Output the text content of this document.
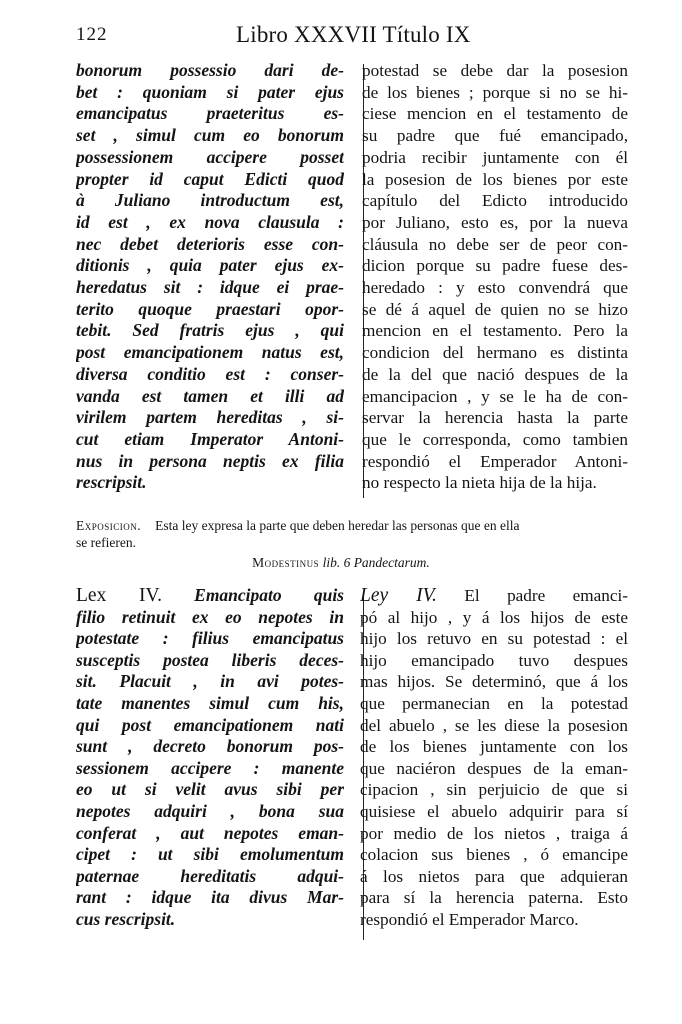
122	Libro XXXVII Título IX
bonorum possessio dari de-
bet : quoniam si pater ejus
emancipatus praeteritus es-
set , simul cum eo bonorum
possessionem accipere posset
propter id caput Edicti quod
à Juliano introductum est,
id est , ex nova clausula :
nec debet deterioris esse con-
ditionis , quia pater ejus ex-
heredatus sit : idque ei prae-
terito quoque praestari opor-
tebit. Sed fratris ejus , qui
post emancipationem natus est,
diversa conditio est : conser-
vanda est tamen et illi ad
virilem partem hereditas , si-
cut etiam Imperator Antoni-
nus in persona neptis ex filia
rescripsit.
potestad se debe dar la posesion
de los bienes ; porque si no se hi-
ciese mencion en el testamento de
su padre que fué emancipado,
podria recibir juntamente con él
la posesion de los bienes por este
capítulo del Edicto introducido
por Juliano, esto es, por la nueva
cláusula no debe ser de peor con-
dicion porque su padre fuese des-
heredado : y esto convendrá que
se dé á aquel de quien no se hizo
mencion en el testamento. Pero la
condicion del hermano es distinta
de la del que nació despues de la
emancipacion , y se le ha de con-
servar la herencia hasta la parte
que le corresponda, como tambien
respondió el Emperador Antoni-
no respecto la nieta hija de la hija.
Exposicion. Esta ley expresa la parte que deben heredar las personas que en ella
se refieren.
Modestinus lib. 6 Pandectarum.
Lex IV. Emancipato quis
filio retinuit ex eo nepotes in
potestate : filius emancipatus
susceptis postea liberis deces-
sit. Placuit , in avi potes-
tate manentes simul cum his,
qui post emancipationem nati
sunt , decreto bonorum pos-
sessionem accipere : manente
eo ut si velit avus sibi per
nepotes adquiri , bona sua
conferat , aut nepotes eman-
cipet : ut sibi emolumentum
paternae hereditatis adqui-
rant : idque ita divus Mar-
cus rescripsit.
Ley IV. El padre emanci-
pó al hijo , y á los hijos de este
hijo los retuvo en su potestad : el
hijo emancipado tuvo despues
mas hijos. Se determinó, que á los
que permanecian en la potestad
del abuelo , se les diese la posesion
de los bienes juntamente con los
que naciéron despues de la eman-
cipacion , sin perjuicio de que si
quisiese el abuelo adquirir para sí
por medio de los nietos , traiga á
colacion sus bienes , ó emancipe
á los nietos para que adquieran
para sí la herencia paterna. Esto
respondió el Emperador Marco.
